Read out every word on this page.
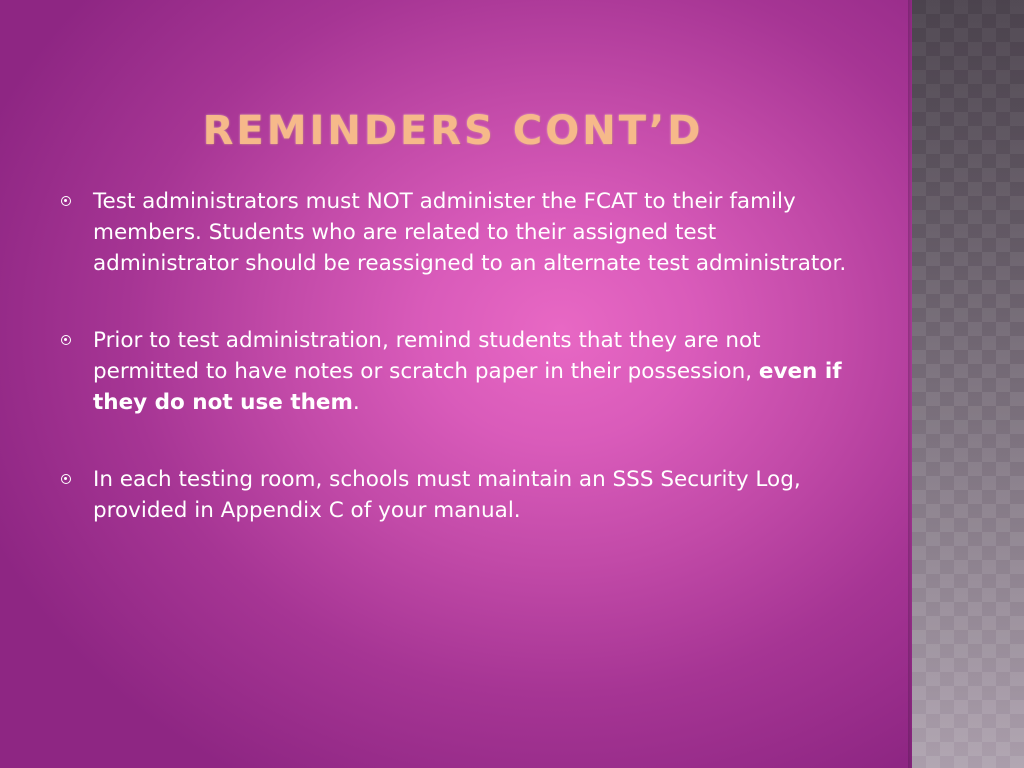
REMINDERS CONT’D
Test administrators must NOT administer the FCAT to their family members. Students who are related to their assigned test administrator should be reassigned to an alternate test administrator.
Prior to test administration, remind students that they are not permitted to have notes or scratch paper in their possession, even if they do not use them.
In each testing room, schools must maintain an SSS Security Log, provided in Appendix C of your manual.
